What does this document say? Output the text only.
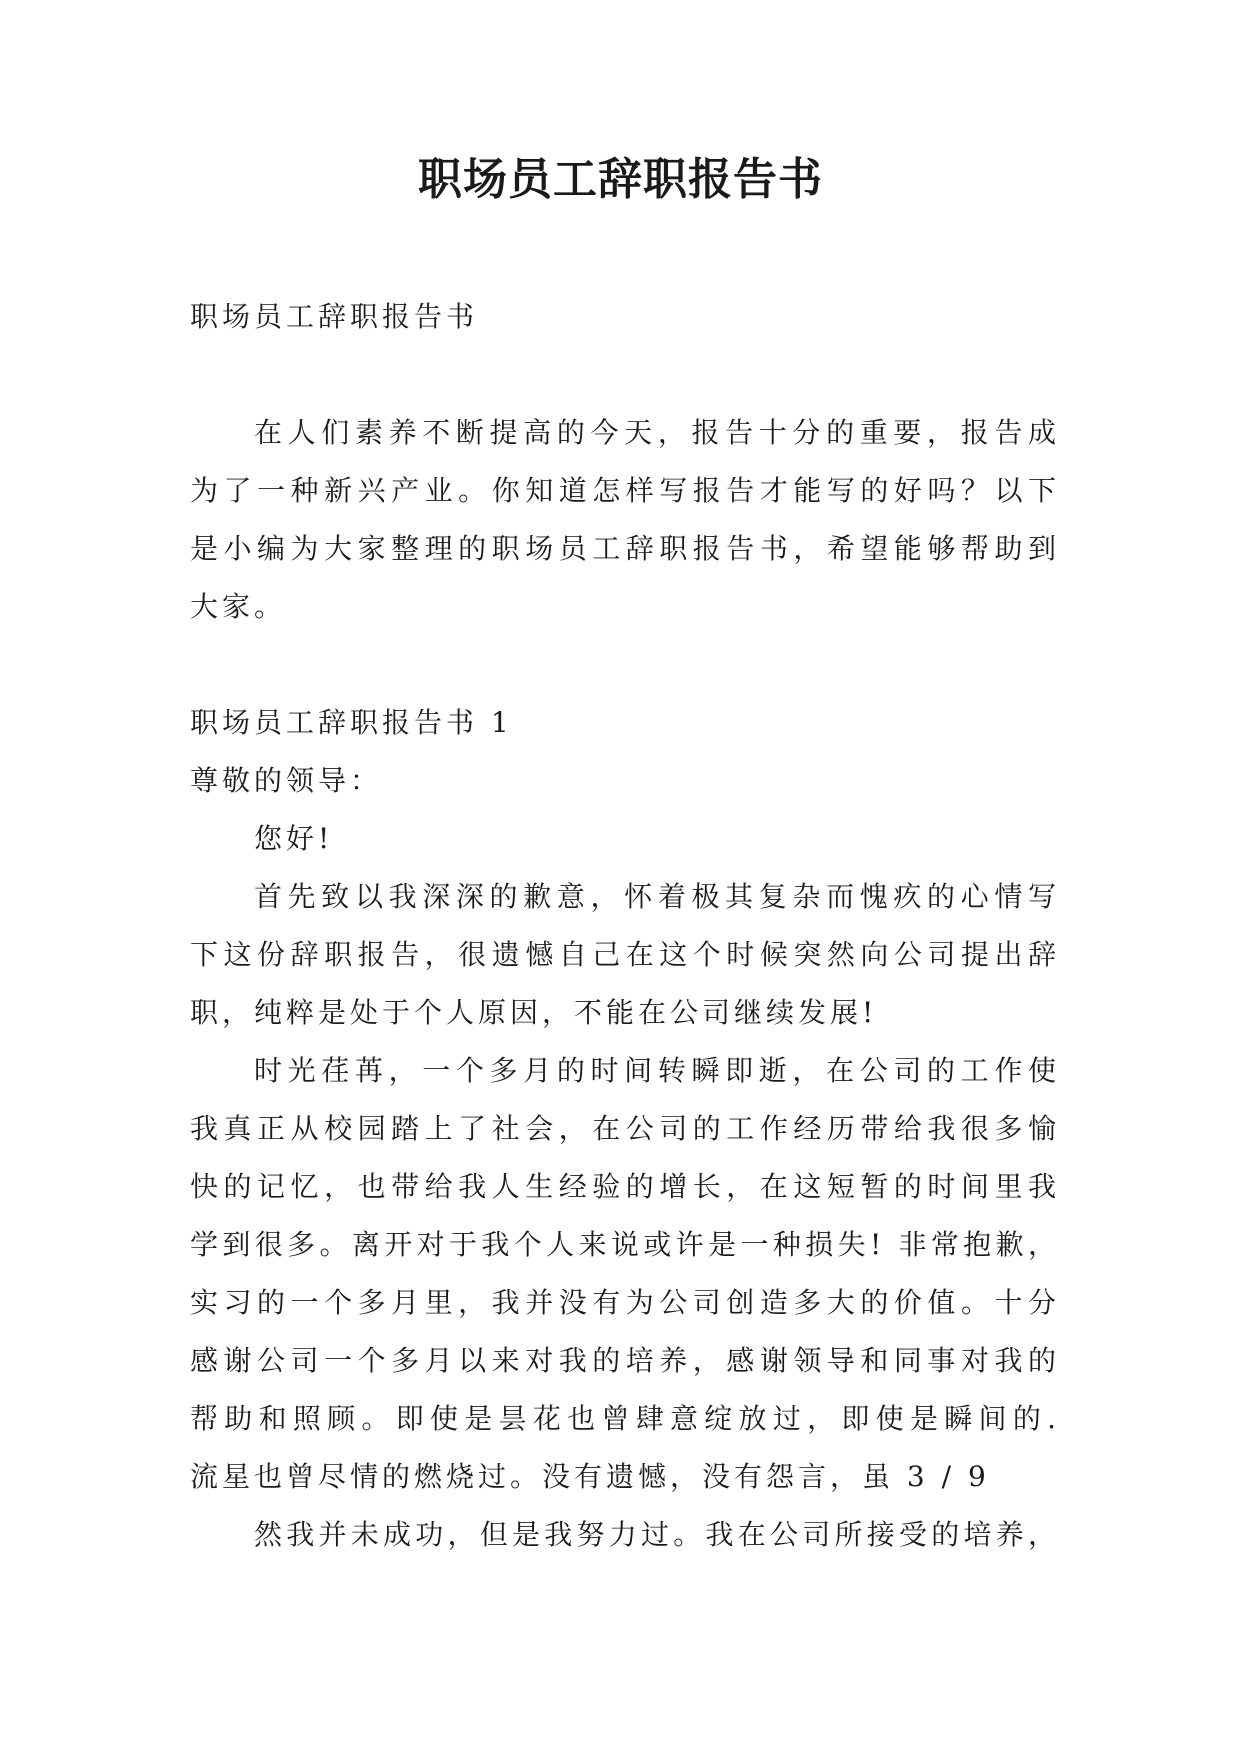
职场员工辞职报告书
职场员工辞职报告书
在人们素养不断提高的今天，报告十分的重要，报告成
为了一种新兴产业。你知道怎样写报告才能写的好吗？以下
是小编为大家整理的职场员工辞职报告书，希望能够帮助到
大家。
职场员工辞职报告书 1
尊敬的领导：
您好!
首先致以我深深的歉意，怀着极其复杂而愧疚的心情写
下这份辞职报告，很遗憾自己在这个时候突然向公司提出辞
职，纯粹是处于个人原因，不能在公司继续发展!
时光荏苒，一个多月的时间转瞬即逝，在公司的工作使
我真正从校园踏上了社会，在公司的工作经历带给我很多愉
快的记忆，也带给我人生经验的增长，在这短暂的时间里我
学到很多。离开对于我个人来说或许是一种损失! 非常抱歉，
实习的一个多月里，我并没有为公司创造多大的价值。十分
感谢公司一个多月以来对我的培养，感谢领导和同事对我的
帮助和照顾。即使是昙花也曾肆意绽放过，即使是瞬间的.
流星也曾尽情的燃烧过。没有遗憾，没有怨言，虽 3 / 9
然我并未成功，但是我努力过。我在公司所接受的培养，
